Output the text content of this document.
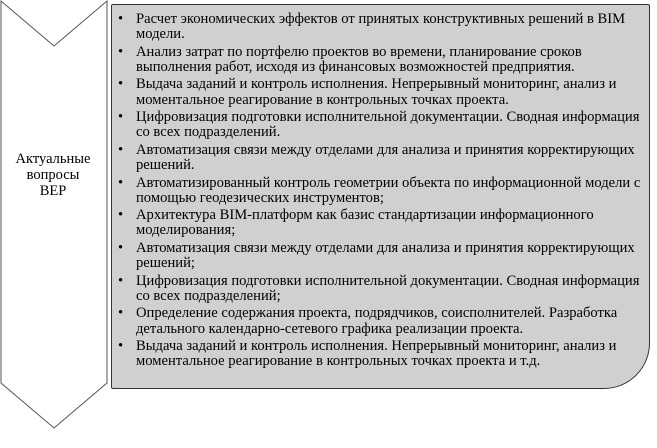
Актуальные
вопросы
ВЕР
• Расчет экономических эффектов от принятых конструктивных решений в BIM модели.
• Анализ затрат по портфелю проектов во времени, планирование сроков выполнения работ, исходя из финансовых возможностей предприятия.
• Выдача заданий и контроль исполнения. Непрерывный мониторинг, анализ и моментальное реагирование в контрольных точках проекта.
• Цифровизация подготовки исполнительной документации. Сводная информация со всех подразделений.
• Автоматизация связи между отделами для анализа и принятия корректирующих решений.
• Автоматизированный контроль геометрии объекта по информационной модели с помощью геодезических инструментов;
• Архитектура BIM-платформ как базис стандартизации информационного моделирования;
• Автоматизация связи между отделами для анализа и принятия корректирующих решений;
• Цифровизация подготовки исполнительной документации. Сводная информация со всех подразделений;
• Определение содержания проекта, подрядчиков, соисполнителей. Разработка детального календарно-сетевого графика реализации проекта.
• Выдача заданий и контроль исполнения. Непрерывный мониторинг, анализ и моментальное реагирование в контрольных точках проекта и т.д.
